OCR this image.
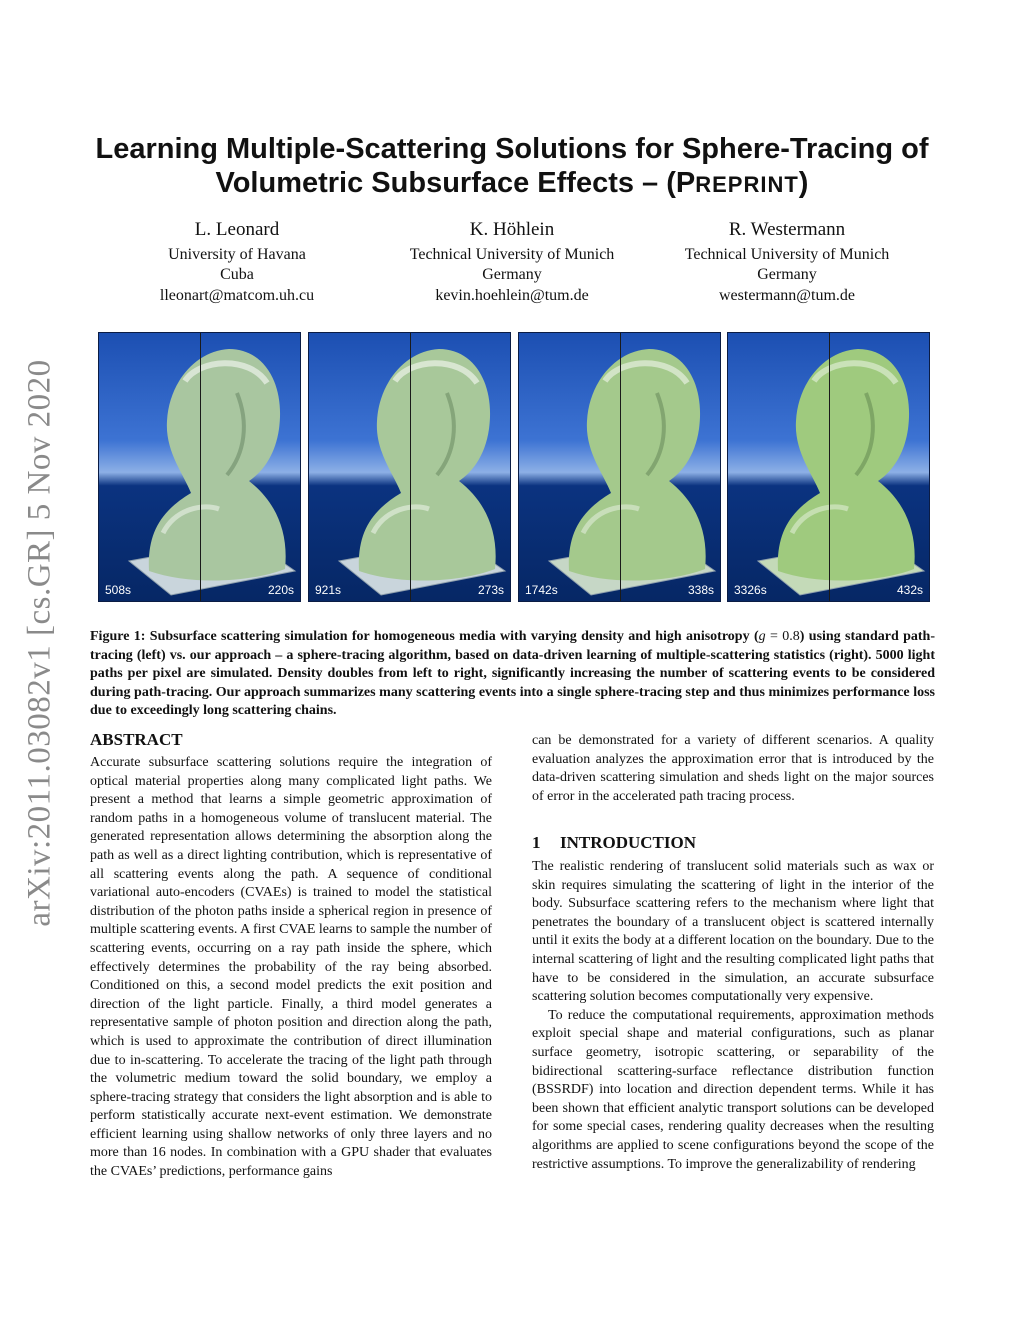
arXiv:2011.03082v1 [cs.GR] 5 Nov 2020
Learning Multiple-Scattering Solutions for Sphere-Tracing of
Volumetric Subsurface Effects – (PREPRINT)
L. Leonard
University of Havana
Cuba
lleonart@matcom.uh.cu
K. Höhlein
Technical University of Munich
Germany
kevin.hoehlein@tum.de
R. Westermann
Technical University of Munich
Germany
westermann@tum.de
508s	220s 921s	273s 1742s	338s 3326s	432s
Figure 1: Subsurface scattering simulation for homogeneous media with varying density and high anisotropy (g = 0.8) using standard path-tracing (left) vs. our approach – a sphere-tracing algorithm, based on data-driven learning of multiple-scattering statistics (right). 5000 light paths per pixel are simulated. Density doubles from left to right, significantly increasing the number of scattering events to be considered during path-tracing. Our approach summarizes many scattering events into a single sphere-tracing step and thus minimizes performance loss due to exceedingly long scattering chains.
ABSTRACT

Accurate subsurface scattering solutions require the integration of optical material properties along many complicated light paths. We present a method that learns a simple geometric approximation of random paths in a homogeneous volume of translucent material. The generated representation allows determining the absorption along the path as well as a direct lighting contribution, which is representative of all scattering events along the path. A sequence of conditional variational auto-encoders (CVAEs) is trained to model the statistical distribution of the photon paths inside a spherical region in presence of multiple scattering events. A first CVAE learns to sample the number of scattering events, occurring on a ray path inside the sphere, which effectively determines the probability of the ray being absorbed. Conditioned on this, a second model predicts the exit position and direction of the light particle. Finally, a third model generates a representative sample of photon position and direction along the path, which is used to approximate the contribution of direct illumination due to in-scattering. To accelerate the tracing of the light path through the volumetric medium toward the solid boundary, we employ a sphere-tracing strategy that considers the light absorption and is able to perform statistically accurate next-event estimation. We demonstrate efficient learning using shallow networks of only three layers and no more than 16 nodes. In combination with a GPU shader that evaluates the CVAEs’ predictions, performance gains

can be demonstrated for a variety of different scenarios. A quality evaluation analyzes the approximation error that is introduced by the data-driven scattering simulation and sheds light on the major sources of error in the accelerated path tracing process.

1 INTRODUCTION

The realistic rendering of translucent solid materials such as wax or skin requires simulating the scattering of light in the interior of the body. Subsurface scattering refers to the mechanism where light that penetrates the boundary of a translucent object is scattered internally until it exits the body at a different location on the boundary. Due to the internal scattering of light and the resulting complicated light paths that have to be considered in the simulation, an accurate subsurface scattering solution becomes computationally very expensive.

To reduce the computational requirements, approximation methods exploit special shape and material configurations, such as planar surface geometry, isotropic scattering, or separability of the bidirectional scattering-surface reflectance distribution function (BSSRDF) into location and direction dependent terms. While it has been shown that efficient analytic transport solutions can be developed for some special cases, rendering quality decreases when the resulting algorithms are applied to scene configurations beyond the scope of the restrictive assumptions. To improve the generalizability of rendering
